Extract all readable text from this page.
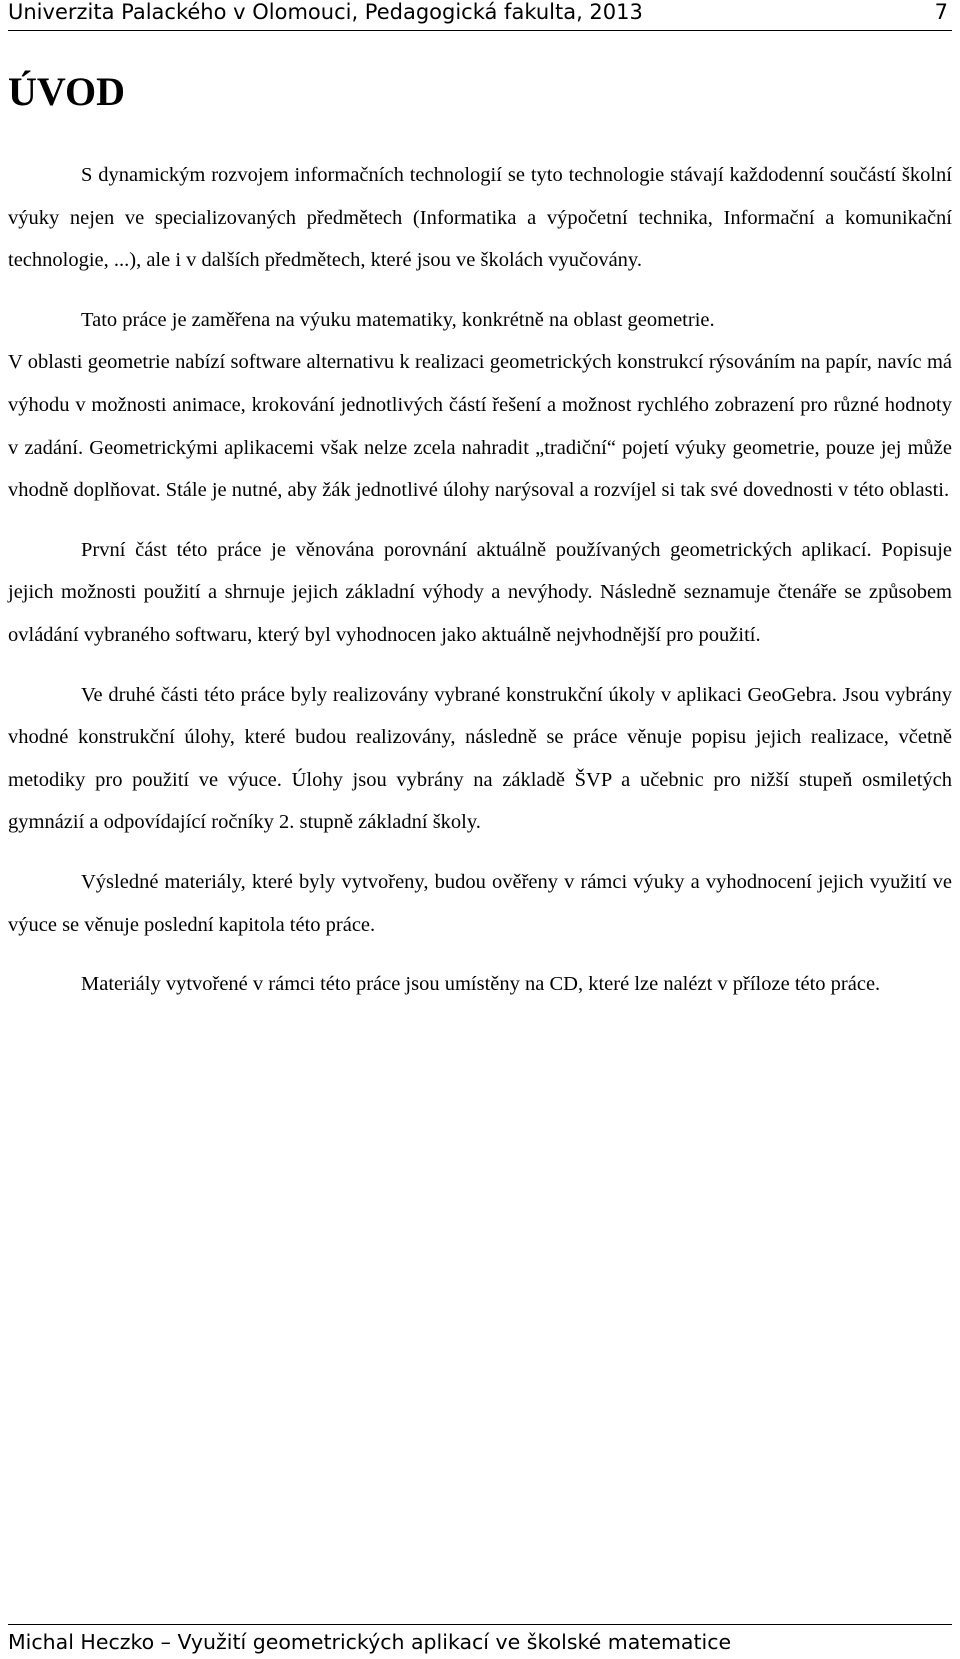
Univerzita Palackého v Olomouci, Pedagogická fakulta, 2013	7
ÚVOD

S dynamickým rozvojem informačních technologií se tyto technologie stávají každodenní součástí školní výuky nejen ve specializovaných předmětech (Informatika a výpočetní technika, Informační a komunikační technologie, ...), ale i v dalších předmětech, které jsou ve školách vyučovány.

Tato práce je zaměřena na výuku matematiky, konkrétně na oblast geometrie.

V oblasti geometrie nabízí software alternativu k realizaci geometrických konstrukcí rýsováním na papír, navíc má výhodu v možnosti animace, krokování jednotlivých částí řešení a možnost rychlého zobrazení pro různé hodnoty v zadání. Geometrickými aplikacemi však nelze zcela nahradit „tradiční“ pojetí výuky geometrie, pouze jej může vhodně doplňovat. Stále je nutné, aby žák jednotlivé úlohy narýsoval a rozvíjel si tak své dovednosti v této oblasti.

První část této práce je věnována porovnání aktuálně používaných geometrických aplikací. Popisuje jejich možnosti použití a shrnuje jejich základní výhody a nevýhody. Následně seznamuje čtenáře se způsobem ovládání vybraného softwaru, který byl vyhodnocen jako aktuálně nejvhodnější pro použití.

Ve druhé části této práce byly realizovány vybrané konstrukční úkoly v aplikaci GeoGebra. Jsou vybrány vhodné konstrukční úlohy, které budou realizovány, následně se práce věnuje popisu jejich realizace, včetně metodiky pro použití ve výuce. Úlohy jsou vybrány na základě ŠVP a učebnic pro nižší stupeň osmiletých gymnázií a odpovídající ročníky 2. stupně základní školy.

Výsledné materiály, které byly vytvořeny, budou ověřeny v rámci výuky a vyhodnocení jejich využití ve výuce se věnuje poslední kapitola této práce.

Materiály vytvořené v rámci této práce jsou umístěny na CD, které lze nalézt v příloze této práce.

Michal Heczko – Využití geometrických aplikací ve školské matematice
